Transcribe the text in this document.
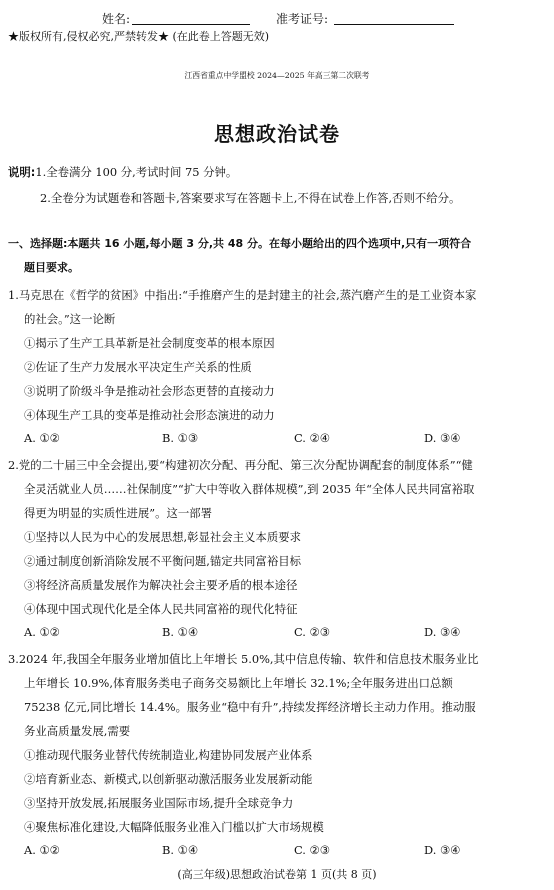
姓名:	准考证号:
★版权所有,侵权必究,严禁转发★ (在此卷上答题无效)
江西省重点中学盟校 2024—2025 年高三第二次联考
思想政治试卷
说明:1.全卷满分 100 分,考试时间 75 分钟。
2.全卷分为试题卷和答题卡,答案要求写在答题卡上,不得在试卷上作答,否则不给分。
一、选择题:本题共 16 小题,每小题 3 分,共 48 分。在每小题给出的四个选项中,只有一项符合
题目要求。
1.马克思在《哲学的贫困》中指出:“手推磨产生的是封建主的社会,蒸汽磨产生的是工业资本家
的社会。”这一论断
①揭示了生产工具革新是社会制度变革的根本原因
②佐证了生产力发展水平决定生产关系的性质
③说明了阶级斗争是推动社会形态更替的直接动力
④体现生产工具的变革是推动社会形态演进的动力
A. ①②	B. ①③	C. ②④	D. ③④
2.党的二十届三中全会提出,要“构建初次分配、再分配、第三次分配协调配套的制度体系”“健
全灵活就业人员……社保制度”“扩大中等收入群体规模”,到 2035 年“全体人民共同富裕取
得更为明显的实质性进展”。这一部署
①坚持以人民为中心的发展思想,彰显社会主义本质要求
②通过制度创新消除发展不平衡问题,锚定共同富裕目标
③将经济高质量发展作为解决社会主要矛盾的根本途径
④体现中国式现代化是全体人民共同富裕的现代化特征
A. ①②	B. ①④	C. ②③	D. ③④
3.2024 年,我国全年服务业增加值比上年增长 5.0%,其中信息传输、软件和信息技术服务业比
上年增长 10.9%,体育服务类电子商务交易额比上年增长 32.1%;全年服务进出口总额
75238 亿元,同比增长 14.4%。服务业“稳中有升”,持续发挥经济增长主动力作用。推动服
务业高质量发展,需要
①推动现代服务业替代传统制造业,构建协同发展产业体系
②培育新业态、新模式,以创新驱动激活服务业发展新动能
③坚持开放发展,拓展服务业国际市场,提升全球竞争力
④聚焦标准化建设,大幅降低服务业准入门槛以扩大市场规模
A. ①②	B. ①④	C. ②③	D. ③④
(高三年级)思想政治试卷第 1 页(共 8 页)
